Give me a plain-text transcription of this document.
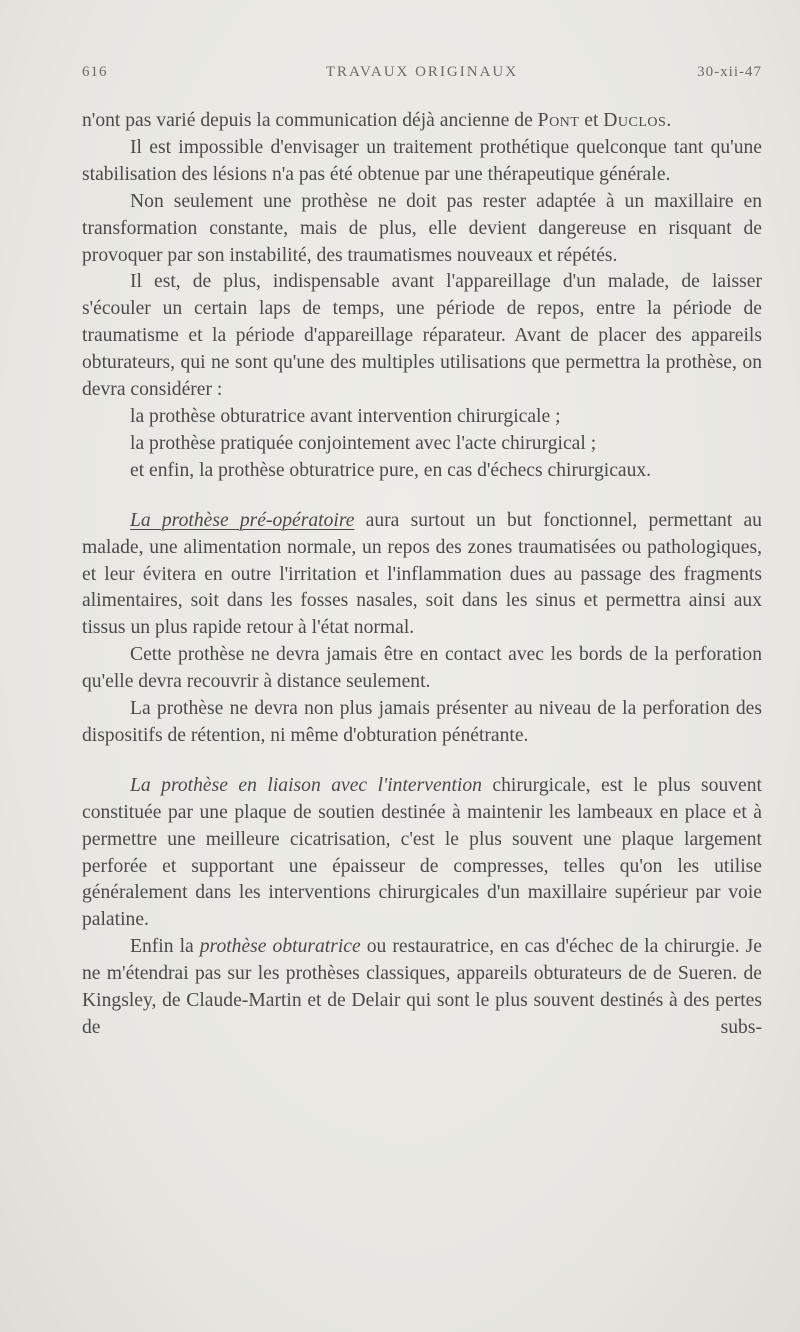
616	TRAVAUX ORIGINAUX	30-xii-47

n'ont pas varié depuis la communication déjà ancienne de Pont et Duclos.

Il est impossible d'envisager un traitement prothétique quelconque tant qu'une stabilisation des lésions n'a pas été obtenue par une thérapeutique générale.

Non seulement une prothèse ne doit pas rester adaptée à un maxillaire en transformation constante, mais de plus, elle devient dangereuse en risquant de provoquer par son instabilité, des traumatismes nouveaux et répétés.

Il est, de plus, indispensable avant l'appareillage d'un malade, de laisser s'écouler un certain laps de temps, une période de repos, entre la période de traumatisme et la période d'appareillage réparateur. Avant de placer des appareils obturateurs, qui ne sont qu'une des multiples utilisations que permettra la prothèse, on devra considérer :

la prothèse obturatrice avant intervention chirurgicale ;

la prothèse pratiquée conjointement avec l'acte chirurgical ;

et enfin, la prothèse obturatrice pure, en cas d'échecs chirurgicaux.

La prothèse pré-opératoire aura surtout un but fonctionnel, permettant au malade, une alimentation normale, un repos des zones traumatisées ou pathologiques, et leur évitera en outre l'irritation et l'inflammation dues au passage des fragments alimentaires, soit dans les fosses nasales, soit dans les sinus et permettra ainsi aux tissus un plus rapide retour à l'état normal.

Cette prothèse ne devra jamais être en contact avec les bords de la perforation qu'elle devra recouvrir à distance seulement.

La prothèse ne devra non plus jamais présenter au niveau de la perforation des dispositifs de rétention, ni même d'obturation pénétrante.

La prothèse en liaison avec l'intervention chirurgicale, est le plus souvent constituée par une plaque de soutien destinée à maintenir les lambeaux en place et à permettre une meilleure cicatrisation, c'est le plus souvent une plaque largement perforée et supportant une épaisseur de compresses, telles qu'on les utilise généralement dans les interventions chirurgicales d'un maxillaire supérieur par voie palatine.

Enfin la prothèse obturatrice ou restauratrice, en cas d'échec de la chirurgie. Je ne m'étendrai pas sur les prothèses classiques, appareils obturateurs de de Sueren. de Kingsley, de Claude-Martin et de Delair qui sont le plus souvent destinés à des pertes de subs-
